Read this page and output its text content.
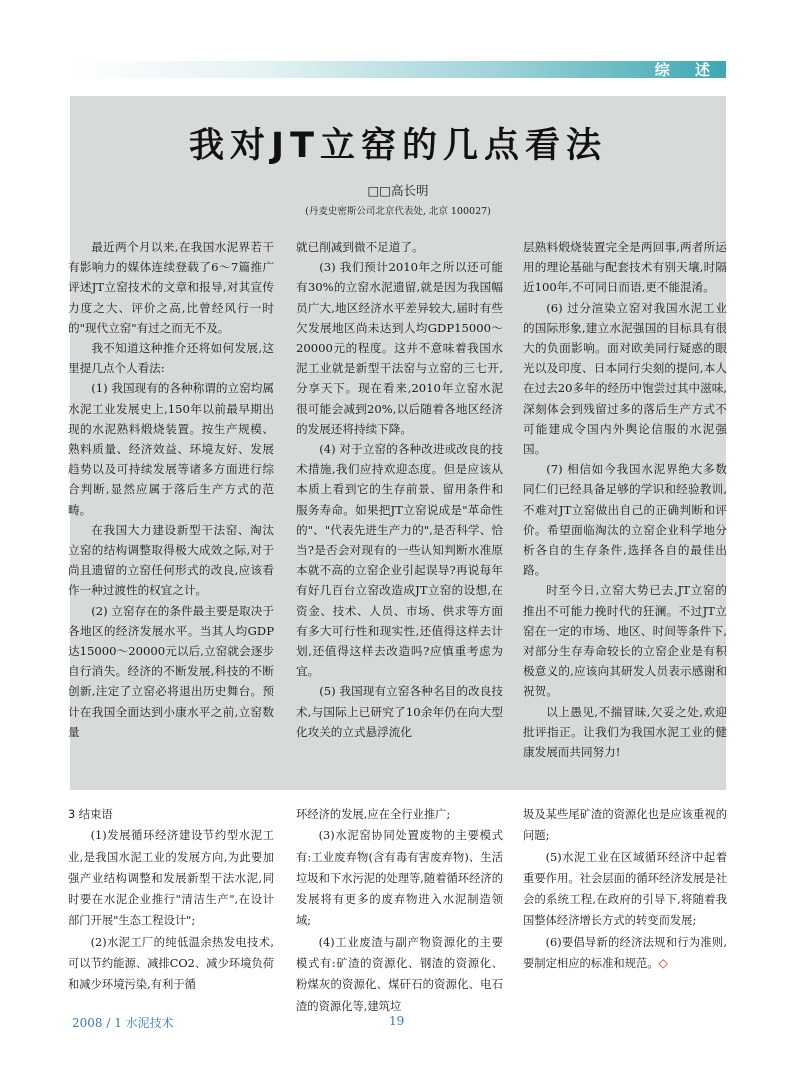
综 述
我对JT立窑的几点看法
□□高长明
(丹麦史密斯公司北京代表处, 北京 100027)

最近两个月以来,在我国水泥界若干有影响力的媒体连续登载了6～7篇推广评述JT立窑技术的文章和报导,对其宣传力度之大、评价之高,比曾经风行一时的"现代立窑"有过之而无不及。

我不知道这种推介还将如何发展,这里提几点个人看法:

(1) 我国现有的各种称谓的立窑均属水泥工业发展史上,150年以前最早期出现的水泥熟料煅烧装置。按生产规模、熟料质量、经济效益、环境友好、发展趋势以及可持续发展等诸多方面进行综合判断,显然应属于落后生产方式的范畴。

在我国大力建设新型干法窑、淘汰立窑的结构调整取得极大成效之际,对于尚且遗留的立窑任何形式的改良,应该看作一种过渡性的权宜之计。

(2) 立窑存在的条件最主要是取决于各地区的经济发展水平。当其人均GDP达15000～20000元以后,立窑就会逐步自行消失。经济的不断发展,科技的不断创新,注定了立窑必将退出历史舞台。预计在我国全面达到小康水平之前,立窑数量

就已削减到微不足道了。

(3) 我们预计2010年之所以还可能有30%的立窑水泥遗留,就是因为我国幅员广大,地区经济水平差异较大,届时有些欠发展地区尚未达到人均GDP15000～20000元的程度。这并不意味着我国水泥工业就是新型干法窑与立窑的三七开,分享天下。现在看来,2010年立窑水泥很可能会减到20%,以后随着各地区经济的发展还将持续下降。

(4) 对于立窑的各种改进或改良的技术措施,我们应持欢迎态度。但是应该从本质上看到它的生存前景、留用条件和服务寿命。如果把JT立窑说成是"革命性的"、"代表先进生产力的",是否科学、恰当?是否会对现有的一些认知判断水准原本就不高的立窑企业引起误导?再说每年有好几百台立窑改造成JT立窑的设想,在资金、技术、人员、市场、供求等方面有多大可行性和现实性,还值得这样去计划,还值得这样去改造吗?应慎重考虑为宜。

(5) 我国现有立窑各种名目的改良技术,与国际上已研究了10余年仍在向大型化攻关的立式悬浮流化

层熟料煅烧装置完全是两回事,两者所运用的理论基础与配套技术有别天壤,时隔近100年,不可同日而语,更不能混淆。

(6) 过分渲染立窑对我国水泥工业的国际形象,建立水泥强国的目标具有很大的负面影响。面对欧美同行疑惑的眼光以及印度、日本同行尖刻的提问,本人在过去20多年的经历中饱尝过其中滋味,深刻体会到残留过多的落后生产方式不可能建成令国内外舆论信服的水泥强国。

(7) 相信如今我国水泥界绝大多数同仁们已经具备足够的学识和经验教训,不难对JT立窑做出自己的正确判断和评价。希望面临淘汰的立窑企业科学地分析各自的生存条件,选择各自的最佳出路。

时至今日,立窑大势已去,JT立窑的推出不可能力挽时代的狂澜。不过JT立窑在一定的市场、地区、时间等条件下,对部分生存寿命较长的立窑企业是有积极意义的,应该向其研发人员表示感谢和祝贺。

以上愚见,不揣冒昧,欠妥之处,欢迎批评指正。让我们为我国水泥工业的健康发展而共同努力!

3 结束语

(1)发展循环经济建设节约型水泥工业,是我国水泥工业的发展方向,为此要加强产业结构调整和发展新型干法水泥,同时要在水泥企业推行"清洁生产",在设计部门开展"生态工程设计";

(2)水泥工厂的纯低温余热发电技术,可以节约能源、减排CO2、减少环境负荷和减少环境污染,有利于循

环经济的发展,应在全行业推广;

(3)水泥窑协同处置废物的主要模式有:工业废弃物(含有毒有害废弃物)、生活垃圾和下水污泥的处理等,随着循环经济的发展将有更多的废弃物进入水泥制造领域;

(4)工业废渣与副产物资源化的主要模式有:矿渣的资源化、钢渣的资源化、粉煤灰的资源化、煤矸石的资源化、电石渣的资源化等,建筑垃

圾及某些尾矿渣的资源化也是应该重视的问题;

(5)水泥工业在区域循环经济中起着重要作用。社会层面的循环经济发展是社会的系统工程,在政府的引导下,将随着我国整体经济增长方式的转变而发展;

(6)要倡导新的经济法规和行为准则,要制定相应的标准和规范。◇

2008 / 1 水泥技术	19
